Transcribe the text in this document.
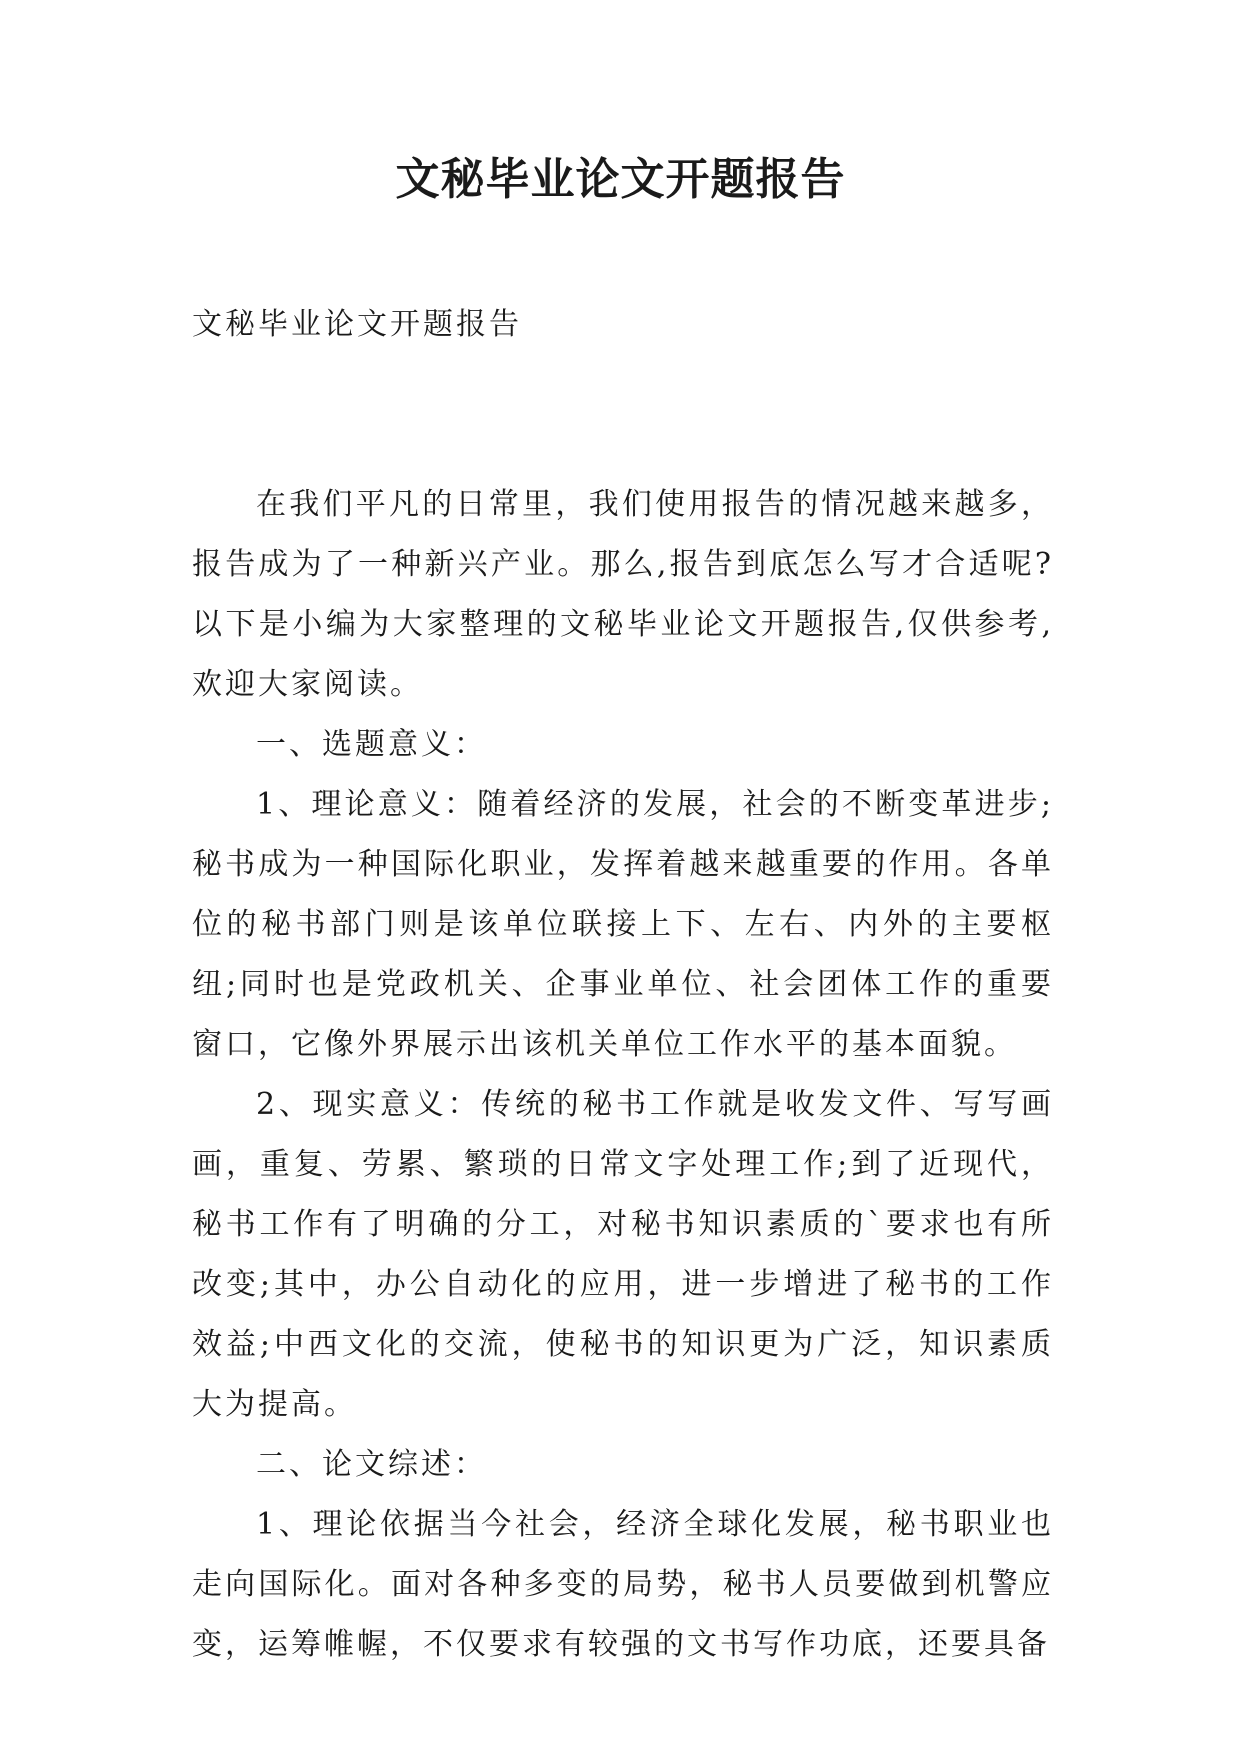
文秘毕业论文开题报告
文秘毕业论文开题报告

在我们平凡的日常里，我们使用报告的情况越来越多，报告成为了一种新兴产业。那么,报告到底怎么写才合适呢?以下是小编为大家整理的文秘毕业论文开题报告,仅供参考,欢迎大家阅读。

一、选题意义：

1、理论意义：随着经济的发展，社会的不断变革进步;秘书成为一种国际化职业，发挥着越来越重要的作用。各单位的秘书部门则是该单位联接上下、左右、内外的主要枢纽;同时也是党政机关、企事业单位、社会团体工作的重要窗口，它像外界展示出该机关单位工作水平的基本面貌。

2、现实意义：传统的秘书工作就是收发文件、写写画画，重复、劳累、繁琐的日常文字处理工作;到了近现代，秘书工作有了明确的分工，对秘书知识素质的`要求也有所改变;其中，办公自动化的应用，进一步增进了秘书的工作效益;中西文化的交流，使秘书的知识更为广泛，知识素质大为提高。

二、论文综述：

1、理论依据当今社会，经济全球化发展，秘书职业也走向国际化。面对各种多变的局势，秘书人员要做到机警应变，运筹帷幄，不仅要求有较强的文书写作功底，还要具备
